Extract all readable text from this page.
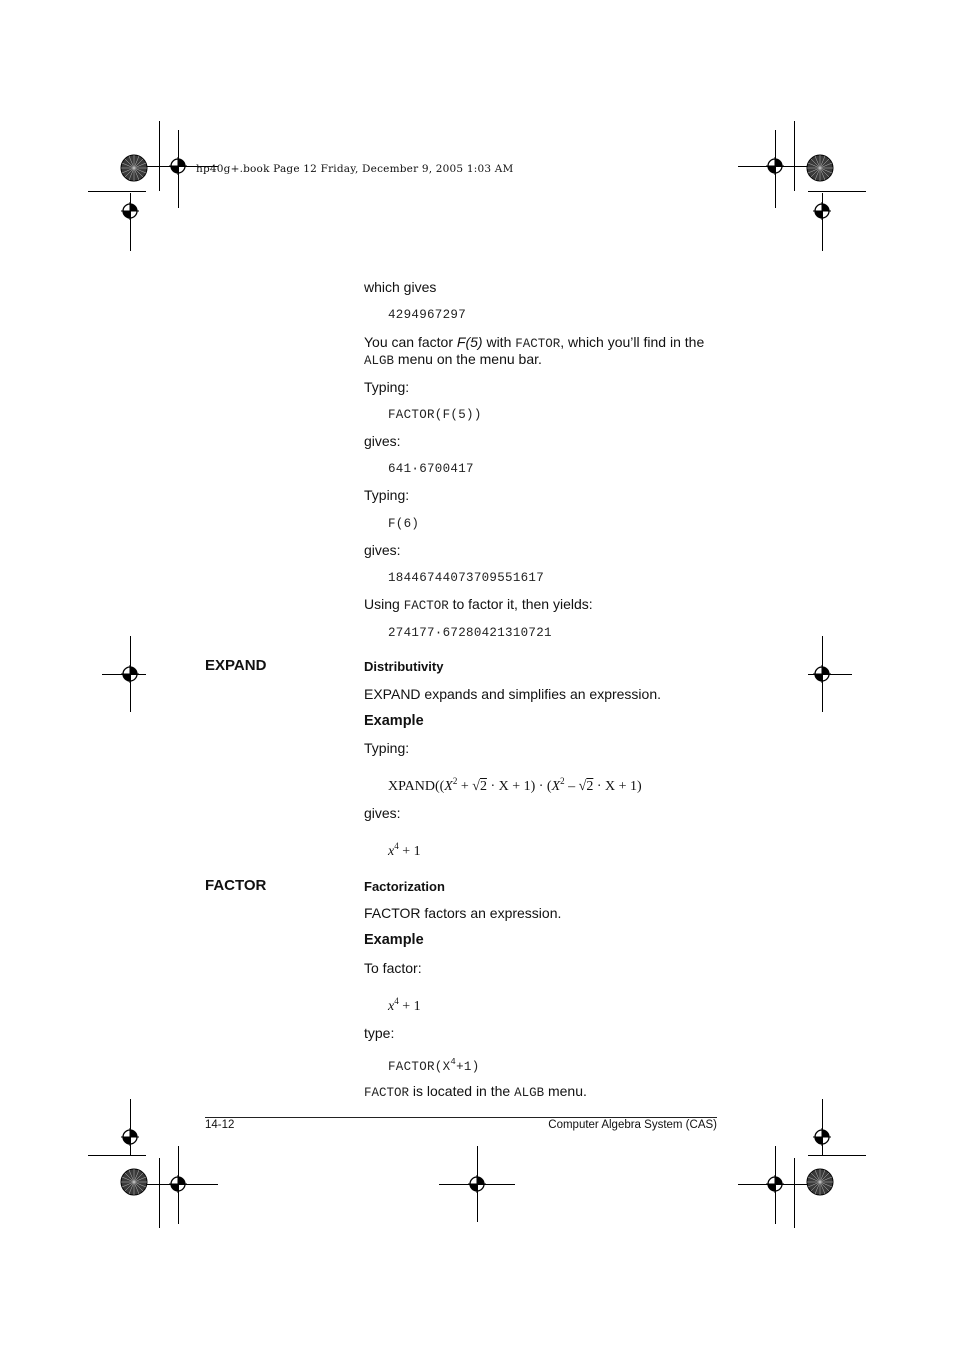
hp40g+.book Page 12 Friday, December 9, 2005 1:03 AM
which gives
4294967297
You can factor F(5) with FACTOR, which you’ll find in the
ALGB menu on the menu bar.
Typing:
FACTOR(F(5))
gives:
641·6700417
Typing:
F(6)
gives:
18446744073709551617
Using FACTOR to factor it, then yields:
274177·67280421310721
EXPAND	Distributivity
EXPAND expands and simplifies an expression.
Example
Typing:
$XPAND((X^2 + √2 \cdot X + 1) \cdot (X^2 - √2 \cdot X + 1)$
gives:
$x^4 + 1$
FACTOR	Factorization
FACTOR factors an expression.
Example
To factor:
$x^4 + 1$
type:
$FACTOR(X^4+1)$
FACTOR is located in the ALGB menu.
14-12	Computer Algebra System (CAS)
